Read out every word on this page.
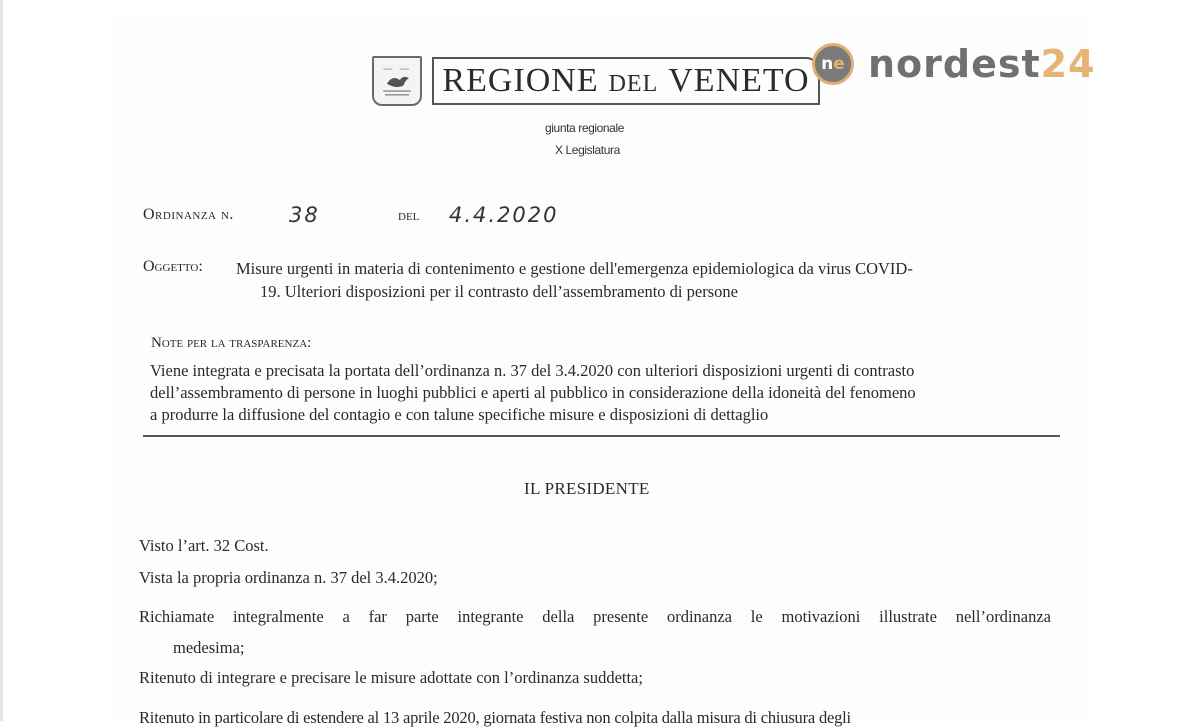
REGIONE DEL VENETO
giunta regionale
X Legislatura
n e nordest24
Ordinanza n.	38	del 4.4.2020
Oggetto: Misure urgenti in materia di contenimento e gestione dell'emergenza epidemiologica da virus COVID-
19. Ulteriori disposizioni per il contrasto dell’assembramento di persone
Note per la trasparenza:
Viene integrata e precisata la portata dell’ordinanza n. 37 del 3.4.2020 con ulteriori disposizioni urgenti di contrasto
dell’assembramento di persone in luoghi pubblici e aperti al pubblico in considerazione della idoneità del fenomeno
a produrre la diffusione del contagio e con talune specifiche misure e disposizioni di dettaglio
IL PRESIDENTE
Visto l’art. 32 Cost.
Vista la propria ordinanza n. 37 del 3.4.2020;
Richiamate integralmente a far parte integrante della presente ordinanza le motivazioni illustrate nell’ordinanza
medesima;
Ritenuto di integrare e precisare le misure adottate con l’ordinanza suddetta;
Ritenuto in particolare di estendere al 13 aprile 2020, giornata festiva non colpita dalla misura di chiusura degli
